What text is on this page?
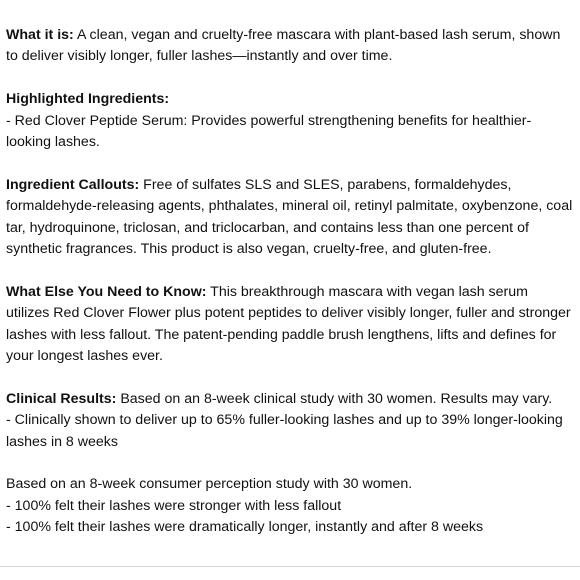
What it is: A clean, vegan and cruelty-free mascara with plant-based lash serum, shown to deliver visibly longer, fuller lashes—instantly and over time.

Highlighted Ingredients:
- Red Clover Peptide Serum: Provides powerful strengthening benefits for healthier-looking lashes.

Ingredient Callouts: Free of sulfates SLS and SLES, parabens, formaldehydes, formaldehyde-releasing agents, phthalates, mineral oil, retinyl palmitate, oxybenzone, coal tar, hydroquinone, triclosan, and triclocarban, and contains less than one percent of synthetic fragrances. This product is also vegan, cruelty-free, and gluten-free.

What Else You Need to Know: This breakthrough mascara with vegan lash serum utilizes Red Clover Flower plus potent peptides to deliver visibly longer, fuller and stronger lashes with less fallout. The patent-pending paddle brush lengthens, lifts and defines for your longest lashes ever.

Clinical Results: Based on an 8-week clinical study with 30 women. Results may vary.

- Clinically shown to deliver up to 65% fuller-looking lashes and up to 39% longer-looking lashes in 8 weeks
Based on an 8-week consumer perception study with 30 women.
- 100% felt their lashes were stronger with less fallout
- 100% felt their lashes were dramatically longer, instantly and after 8 weeks
